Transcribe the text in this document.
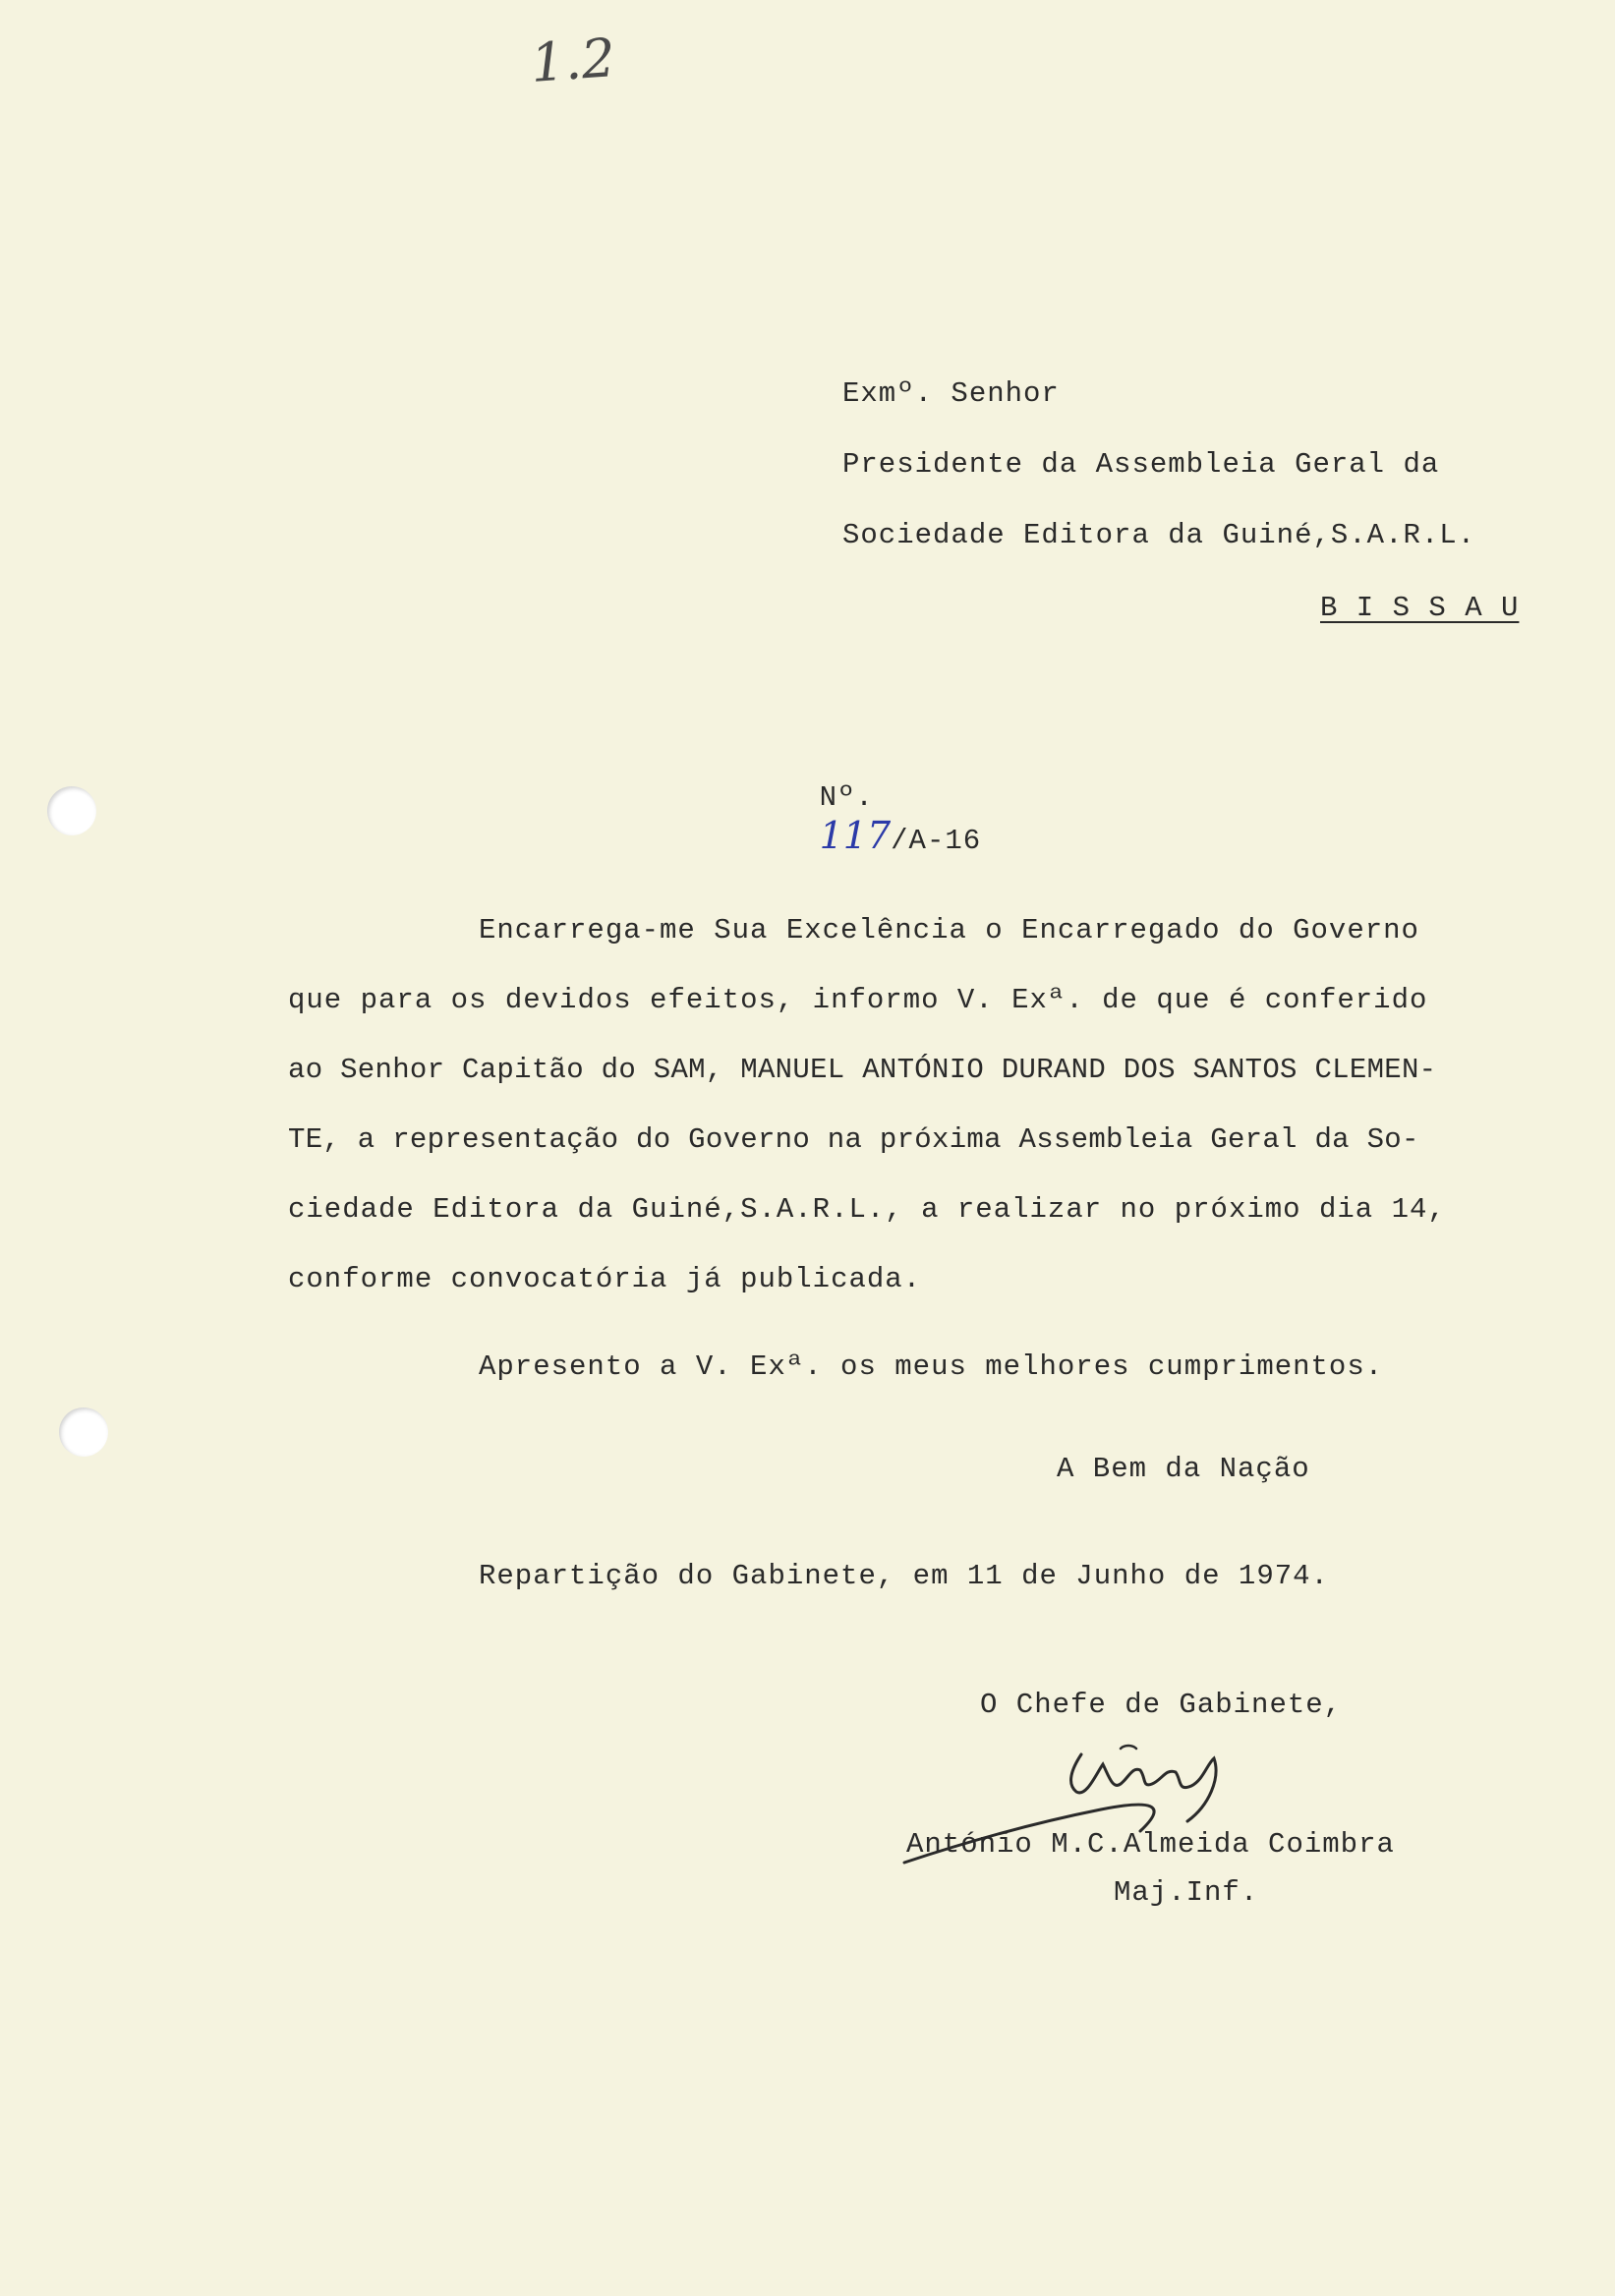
1.2
Exmº. Senhor
Presidente da Assembleia Geral da
Sociedade Editora da Guiné,S.A.R.L.
B I S S A U

Nº.
117/A-16

Encarrega-me Sua Excelência o Encarregado do Governo
que para os devidos efeitos, informo V. Exª. de que é conferido
ao Senhor Capitão do SAM, MANUEL ANTÓNIO DURAND DOS SANTOS CLEMEN-
TE, a representação do Governo na próxima Assembleia Geral da So-
ciedade Editora da Guiné,S.A.R.L., a realizar no próximo dia 14,
conforme convocatória já publicada.
Apresento a V. Exª. os meus melhores cumprimentos.
A Bem da Nação
Repartição do Gabinete, em 11 de Junho de 1974.
O Chefe de Gabinete,
António M.C.Almeida Coimbra
Maj.Inf.
